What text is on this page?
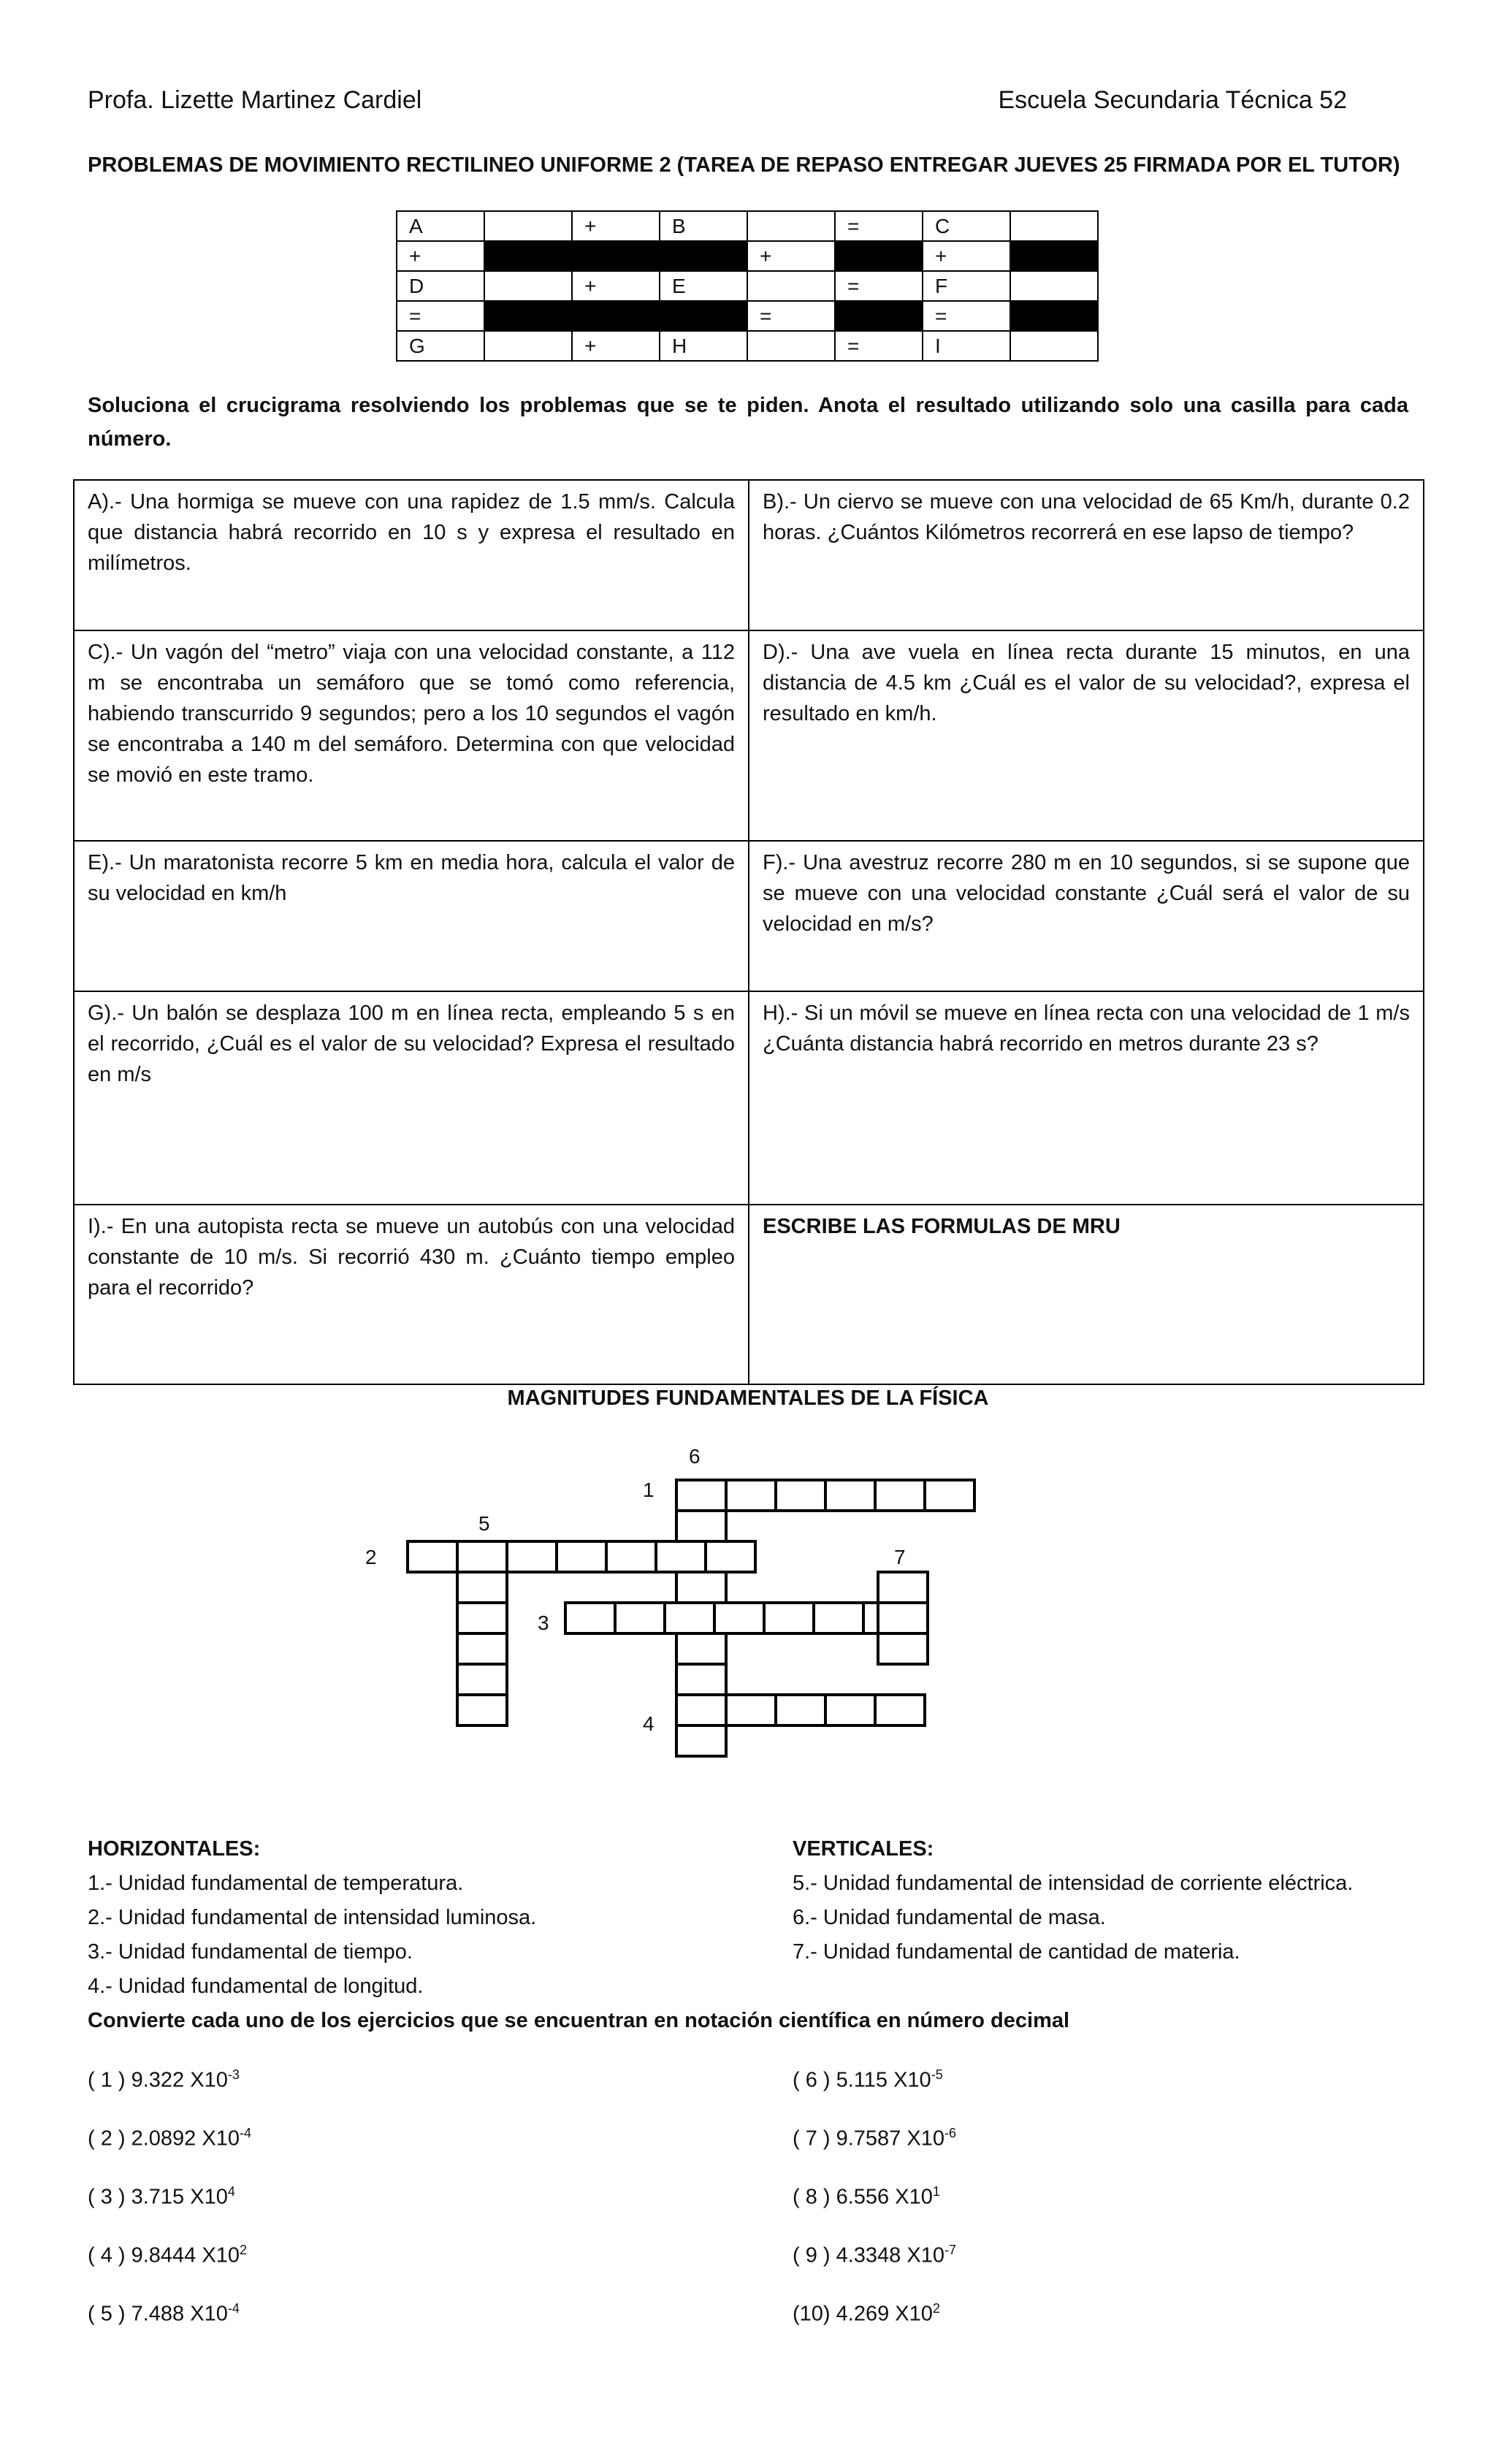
Profa. Lizette Martinez Cardiel	Escuela Secundaria Técnica 52
PROBLEMAS DE MOVIMIENTO RECTILINEO UNIFORME 2 (TAREA DE REPASO ENTREGAR JUEVES 25 FIRMADA POR EL TUTOR)
A		+	B		=	C	
+				+		+	
D		+	E		=	F	
=				=		=	
G		+	H		=	I	
Soluciona el crucigrama resolviendo los problemas que se te piden. Anota el resultado utilizando solo una casilla para cada número.
A).- Una hormiga se mueve con una rapidez de 1.5 mm/s. Calcula que distancia habrá recorrido en 10 s y expresa el resultado en milímetros.	B).- Un ciervo se mueve con una velocidad de 65 Km/h, durante 0.2 horas. ¿Cuántos Kilómetros recorrerá en ese lapso de tiempo?
C).- Un vagón del “metro” viaja con una velocidad constante, a 112 m se encontraba un semáforo que se tomó como referencia, habiendo transcurrido 9 segundos; pero a los 10 segundos el vagón se encontraba a 140 m del semáforo. Determina con que velocidad se movió en este tramo.	D).- Una ave vuela en línea recta durante 15 minutos, en una distancia de 4.5 km ¿Cuál es el valor de su velocidad?, expresa el resultado en km/h.
E).- Un maratonista recorre 5 km en media hora, calcula el valor de su velocidad en km/h	F).- Una avestruz recorre 280 m en 10 segundos, si se supone que se mueve con una velocidad constante ¿Cuál será el valor de su velocidad en m/s?
G).- Un balón se desplaza 100 m en línea recta, empleando 5 s en el recorrido, ¿Cuál es el valor de su velocidad? Expresa el resultado en m/s	H).- Si un móvil se mueve en línea recta con una velocidad de 1 m/s ¿Cuánta distancia habrá recorrido en metros durante 23 s?
I).- En una autopista recta se mueve un autobús con una velocidad constante de 10 m/s. Si recorrió 430 m. ¿Cuánto tiempo empleo para el recorrido?	ESCRIBE LAS FORMULAS DE MRU
MAGNITUDES FUNDAMENTALES DE LA FÍSICA
6
1
5
2	7
3
4
HORIZONTALES:
1.- Unidad fundamental de temperatura.
2.- Unidad fundamental de intensidad luminosa.
3.- Unidad fundamental de tiempo.
4.- Unidad fundamental de longitud.
VERTICALES:
5.- Unidad fundamental de intensidad de corriente eléctrica.
6.- Unidad fundamental de masa.
7.- Unidad fundamental de cantidad de materia.
Convierte cada uno de los ejercicios que se encuentran en notación científica en número decimal
( 1 ) 9.322 $X10^{-3}$
( 2 ) 2.0892 $X10^{-4}$
( 3 ) 3.715 $X10^4$
( 4 ) 9.8444 $X10^2$
( 5 ) 7.488 $X10^{-4}$
( 6 ) 5.115 $X10^{-5}$
( 7 ) 9.7587 $X10^{-6}$
( 8 ) 6.556 $X10^1$
( 9 ) 4.3348 $X10^{-7}$
(10) 4.269 $X10^2$
